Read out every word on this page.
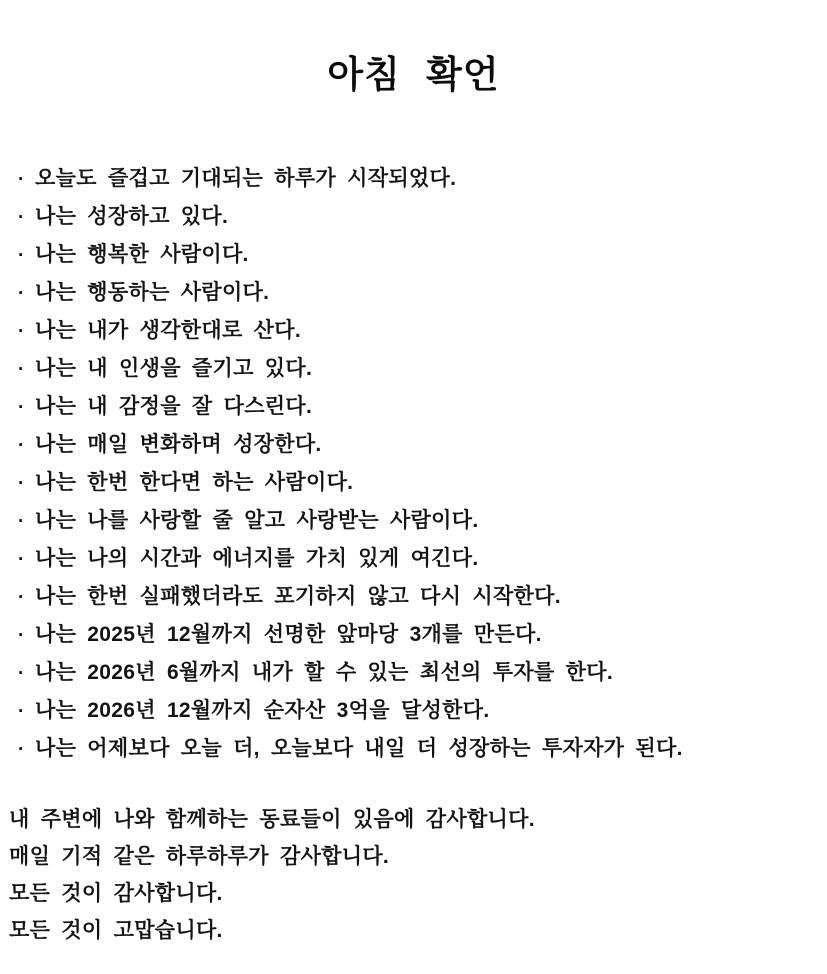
아침 확언
· 오늘도 즐겁고 기대되는 하루가 시작되었다.
· 나는 성장하고 있다.
· 나는 행복한 사람이다.
· 나는 행동하는 사람이다.
· 나는 내가 생각한대로 산다.
· 나는 내 인생을 즐기고 있다.
· 나는 내 감정을 잘 다스린다.
· 나는 매일 변화하며 성장한다.
· 나는 한번 한다면 하는 사람이다.
· 나는 나를 사랑할 줄 알고 사랑받는 사람이다.
· 나는 나의 시간과 에너지를 가치 있게 여긴다.
· 나는 한번 실패했더라도 포기하지 않고 다시 시작한다.
· 나는 2025년 12월까지 선명한 앞마당 3개를 만든다.
· 나는 2026년 6월까지 내가 할 수 있는 최선의 투자를 한다.
· 나는 2026년 12월까지 순자산 3억을 달성한다.
· 나는 어제보다 오늘 더, 오늘보다 내일 더 성장하는 투자자가 된다.
내 주변에 나와 함께하는 동료들이 있음에 감사합니다.
매일 기적 같은 하루하루가 감사합니다.
모든 것이 감사합니다.
모든 것이 고맙습니다.
